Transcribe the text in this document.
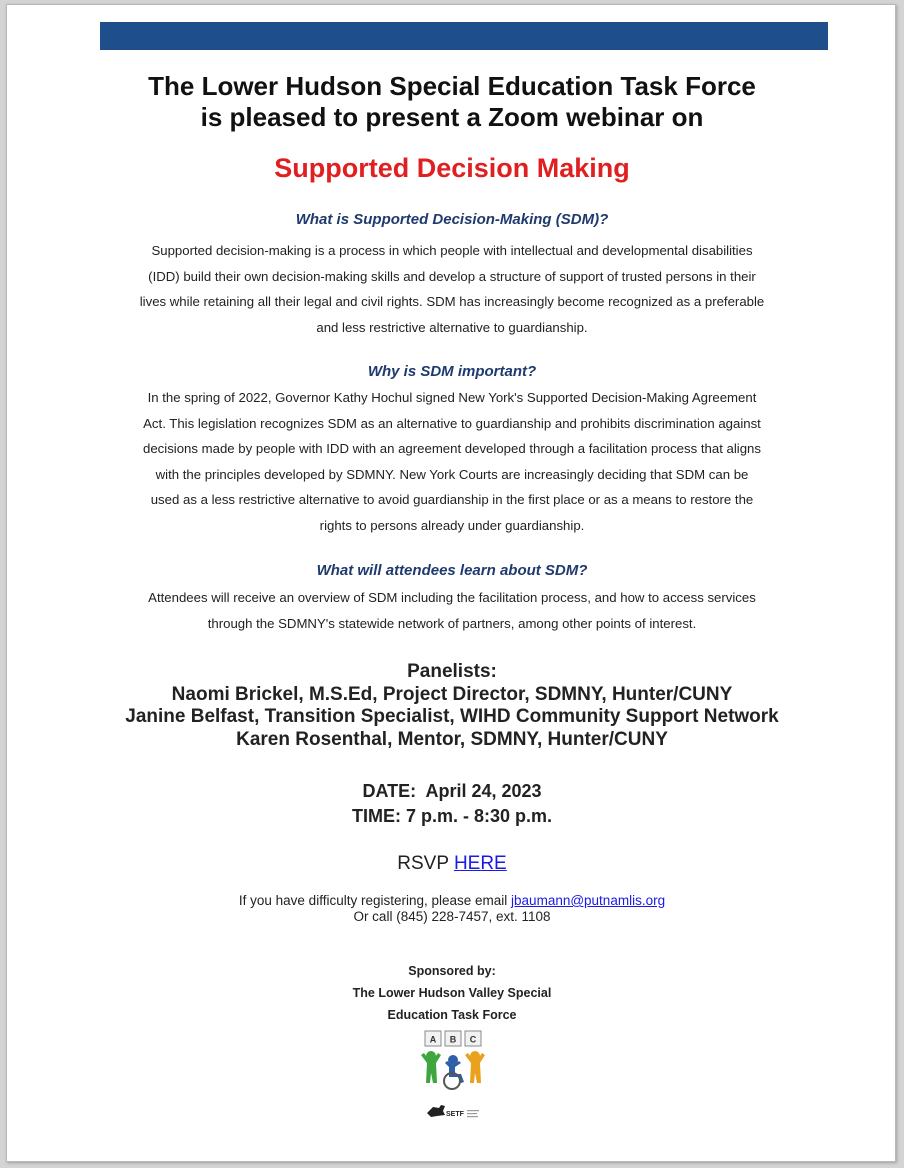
The Lower Hudson Special Education Task Force
is pleased to present a Zoom webinar on
Supported Decision Making
What is Supported Decision-Making (SDM)?
Supported decision-making is a process in which people with intellectual and developmental disabilities
(IDD) build their own decision-making skills and develop a structure of support of trusted persons in their
lives while retaining all their legal and civil rights. SDM has increasingly become recognized as a preferable
and less restrictive alternative to guardianship.
Why is SDM important?
In the spring of 2022, Governor Kathy Hochul signed New York's Supported Decision-Making Agreement
Act. This legislation recognizes SDM as an alternative to guardianship and prohibits discrimination against
decisions made by people with IDD with an agreement developed through a facilitation process that aligns
with the principles developed by SDMNY. New York Courts are increasingly deciding that SDM can be
used as a less restrictive alternative to avoid guardianship in the first place or as a means to restore the
rights to persons already under guardianship.
What will attendees learn about SDM?
Attendees will receive an overview of SDM including the facilitation process, and how to access services
through the SDMNY's statewide network of partners, among other points of interest.
Panelists:
Naomi Brickel, M.S.Ed, Project Director, SDMNY, Hunter/CUNY
Janine Belfast, Transition Specialist, WIHD Community Support Network
Karen Rosenthal, Mentor, SDMNY, Hunter/CUNY
DATE:  April 24, 2023
TIME: 7 p.m. - 8:30 p.m.
RSVP HERE
If you have difficulty registering, please email jbaumann@putnamlis.org
Or call (845) 228-7457, ext. 1108
Sponsored by:
The Lower Hudson Valley Special
Education Task Force
A B C
SETF
